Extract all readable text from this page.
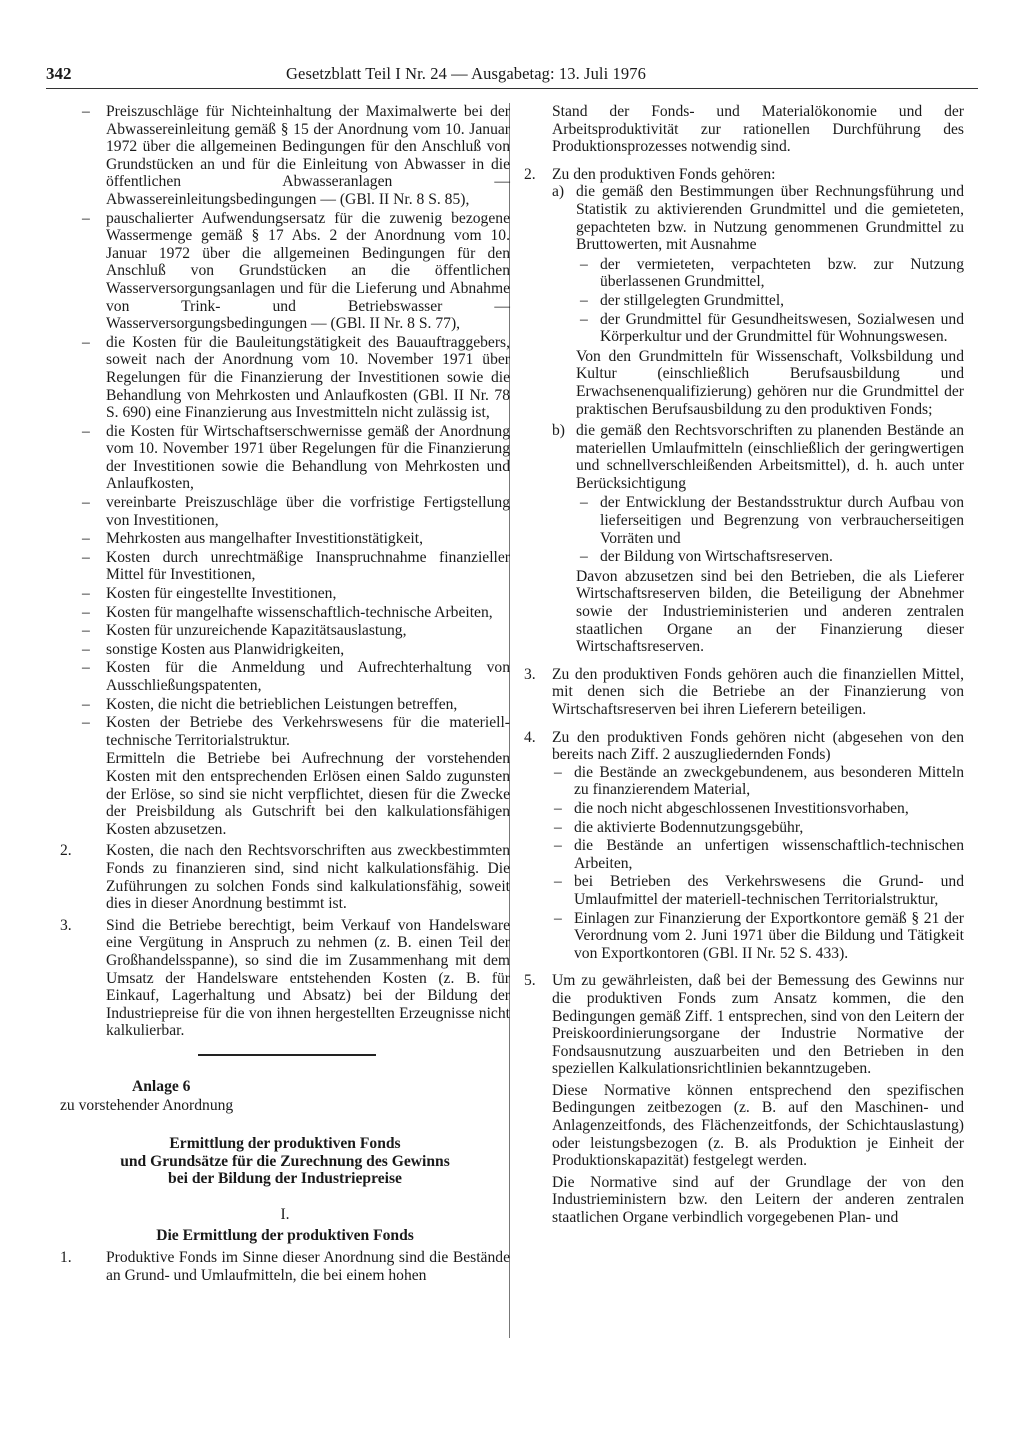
342	Gesetzblatt Teil I Nr. 24 — Ausgabetag: 13. Juli 1976
– Preiszuschläge für Nichteinhaltung der Maximalwerte bei der Abwassereinleitung gemäß § 15 der Anordnung vom 10. Januar 1972 über die allgemeinen Bedingungen für den Anschluß von Grundstücken an und für die Einleitung von Abwasser in die öffentlichen Abwasseranlagen — Abwassereinleitungsbedingungen — (GBl. II Nr. 8 S. 85),
– pauschalierter Aufwendungsersatz für die zuwenig bezogene Wassermenge gemäß § 17 Abs. 2 der Anordnung vom 10. Januar 1972 über die allgemeinen Bedingungen für den Anschluß von Grundstücken an die öffentlichen Wasserversorgungsanlagen und für die Lieferung und Abnahme von Trink- und Betriebswasser — Wasserversorgungsbedingungen — (GBl. II Nr. 8 S. 77),
– die Kosten für die Bauleitungstätigkeit des Bauauftraggebers, soweit nach der Anordnung vom 10. November 1971 über Regelungen für die Finanzierung der Investitionen sowie die Behandlung von Mehrkosten und Anlaufkosten (GBl. II Nr. 78 S. 690) eine Finanzierung aus Investmitteln nicht zulässig ist,
– die Kosten für Wirtschaftserschwernisse gemäß der Anordnung vom 10. November 1971 über Regelungen für die Finanzierung der Investitionen sowie die Behandlung von Mehrkosten und Anlaufkosten,
– vereinbarte Preiszuschläge über die vorfristige Fertigstellung von Investitionen,
– Mehrkosten aus mangelhafter Investitionstätigkeit,
– Kosten durch unrechtmäßige Inanspruchnahme finanzieller Mittel für Investitionen,
– Kosten für eingestellte Investitionen,
– Kosten für mangelhafte wissenschaftlich-technische Arbeiten,
– Kosten für unzureichende Kapazitätsauslastung,
– sonstige Kosten aus Planwidrigkeiten,
– Kosten für die Anmeldung und Aufrechterhaltung von Ausschließungspatenten,
– Kosten, die nicht die betrieblichen Leistungen betreffen,
– Kosten der Betriebe des Verkehrswesens für die materiell-technische Territorialstruktur.
Ermitteln die Betriebe bei Aufrechnung der vorstehenden Kosten mit den entsprechenden Erlösen einen Saldo zugunsten der Erlöse, so sind sie nicht verpflichtet, diesen für die Zwecke der Preisbildung als Gutschrift bei den kalkulationsfähigen Kosten abzusetzen.
2. Kosten, die nach den Rechtsvorschriften aus zweckbestimmten Fonds zu finanzieren sind, sind nicht kalkulationsfähig. Die Zuführungen zu solchen Fonds sind kalkulationsfähig, soweit dies in dieser Anordnung bestimmt ist.
3. Sind die Betriebe berechtigt, beim Verkauf von Handelsware eine Vergütung in Anspruch zu nehmen (z. B. einen Teil der Großhandelsspanne), so sind die im Zusammenhang mit dem Umsatz der Handelsware entstehenden Kosten (z. B. für Einkauf, Lagerhaltung und Absatz) bei der Bildung der Industriepreise für die von ihnen hergestellten Erzeugnisse nicht kalkulierbar.

Anlage 6

zu vorstehender Anordnung

Ermittlung der produktiven Fonds
und Grundsätze für die Zurechnung des Gewinns
bei der Bildung der Industriepreise

I.

Die Ermittlung der produktiven Fonds

1. Produktive Fonds im Sinne dieser Anordnung sind die Bestände an Grund- und Umlaufmitteln, die bei einem hohen
Stand der Fonds- und Materialökonomie und der Arbeitsproduktivität zur rationellen Durchführung des Produktionsprozesses notwendig sind.
2. Zu den produktiven Fonds gehören:
a) die gemäß den Bestimmungen über Rechnungsführung und Statistik zu aktivierenden Grundmittel und die gemieteten, gepachteten bzw. in Nutzung genommenen Grundmittel zu Bruttowerten, mit Ausnahme
– der vermieteten, verpachteten bzw. zur Nutzung überlassenen Grundmittel,
– der stillgelegten Grundmittel,
– der Grundmittel für Gesundheitswesen, Sozialwesen und Körperkultur und der Grundmittel für Wohnungswesen.
Von den Grundmitteln für Wissenschaft, Volksbildung und Kultur (einschließlich Berufsausbildung und Erwachsenenqualifizierung) gehören nur die Grundmittel der praktischen Berufsausbildung zu den produktiven Fonds;
b) die gemäß den Rechtsvorschriften zu planenden Bestände an materiellen Umlaufmitteln (einschließlich der geringwertigen und schnellverschleißenden Arbeitsmittel), d. h. auch unter Berücksichtigung
– der Entwicklung der Bestandsstruktur durch Aufbau von lieferseitigen und Begrenzung von verbraucherseitigen Vorräten und
– der Bildung von Wirtschaftsreserven.
Davon abzusetzen sind bei den Betrieben, die als Lieferer Wirtschaftsreserven bilden, die Beteiligung der Abnehmer sowie der Industrieministerien und anderen zentralen staatlichen Organe an der Finanzierung dieser Wirtschaftsreserven.
3. Zu den produktiven Fonds gehören auch die finanziellen Mittel, mit denen sich die Betriebe an der Finanzierung von Wirtschaftsreserven bei ihren Lieferern beteiligen.
4. Zu den produktiven Fonds gehören nicht (abgesehen von den bereits nach Ziff. 2 auszugliedernden Fonds)
– die Bestände an zweckgebundenem, aus besonderen Mitteln zu finanzierendem Material,
– die noch nicht abgeschlossenen Investitionsvorhaben,
– die aktivierte Bodennutzungsgebühr,
– die Bestände an unfertigen wissenschaftlich-technischen Arbeiten,
– bei Betrieben des Verkehrswesens die Grund- und Umlaufmittel der materiell-technischen Territorialstruktur,
– Einlagen zur Finanzierung der Exportkontore gemäß § 21 der Verordnung vom 2. Juni 1971 über die Bildung und Tätigkeit von Exportkontoren (GBl. II Nr. 52 S. 433).
5. Um zu gewährleisten, daß bei der Bemessung des Gewinns nur die produktiven Fonds zum Ansatz kommen, die den Bedingungen gemäß Ziff. 1 entsprechen, sind von den Leitern der Preiskoordinierungsorgane der Industrie Normative der Fondsausnutzung auszuarbeiten und den Betrieben in den speziellen Kalkulationsrichtlinien bekanntzugeben.
Diese Normative können entsprechend den spezifischen Bedingungen zeitbezogen (z. B. auf den Maschinen- und Anlagenzeitfonds, des Flächenzeitfonds, der Schichtauslastung) oder leistungsbezogen (z. B. als Produktion je Einheit der Produktionskapazität) festgelegt werden.
Die Normative sind auf der Grundlage der von den Industrieministern bzw. den Leitern der anderen zentralen staatlichen Organe verbindlich vorgegebenen Plan- und
